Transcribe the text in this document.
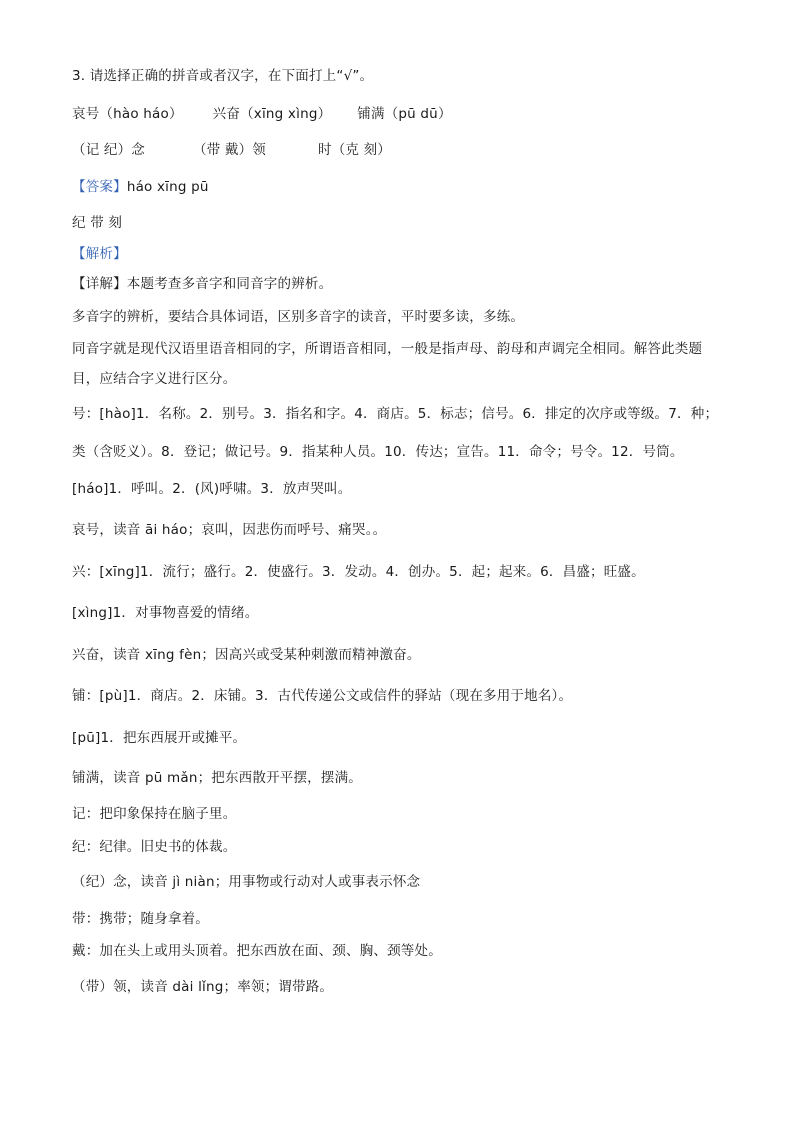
3. 请选择正确的拼音或者汉字，在下面打上“√”。
哀号（hào háo） 兴奋（xīng xìng） 铺满（pū dū）
（记 纪）念	（带 戴）领	时（克 刻）
【答案】háo xīng pū
纪 带 刻
【解析】
【详解】本题考查多音字和同音字的辨析。
多音字的辨析，要结合具体词语，区别多音字的读音，平时要多读，多练。
同音字就是现代汉语里语音相同的字，所谓语音相同，一般是指声母、韵母和声调完全相同。解答此类题
目，应结合字义进行区分。
号：[hào]1．名称。2．别号。3．指名和字。4．商店。5．标志；信号。6．排定的次序或等级。7．种；
类（含贬义）。8．登记；做记号。9．指某种人员。10．传达；宣告。11．命令；号令。12．号筒。
[háo]1．呼叫。2．(风)呼啸。3．放声哭叫。
哀号，读音 āi háo；哀叫，因悲伤而呼号、痛哭。。
兴：[xīng]1．流行；盛行。2．使盛行。3．发动。4．创办。5．起；起来。6．昌盛；旺盛。
[xìng]1．对事物喜爱的情绪。
兴奋，读音 xīng fèn；因高兴或受某种刺激而精神激奋。
铺：[pù]1．商店。2．床铺。3．古代传递公文或信件的驿站（现在多用于地名）。
[pū]1．把东西展开或摊平。
铺满，读音 pū mǎn；把东西散开平摆，摆满。
记：把印象保持在脑子里。
纪：纪律。旧史书的体裁。
（纪）念，读音 jì niàn；用事物或行动对人或事表示怀念
带：携带；随身拿着。
戴：加在头上或用头顶着。把东西放在面、颈、胸、颈等处。
（带）领，读音 dài lǐng；率领；谓带路。
